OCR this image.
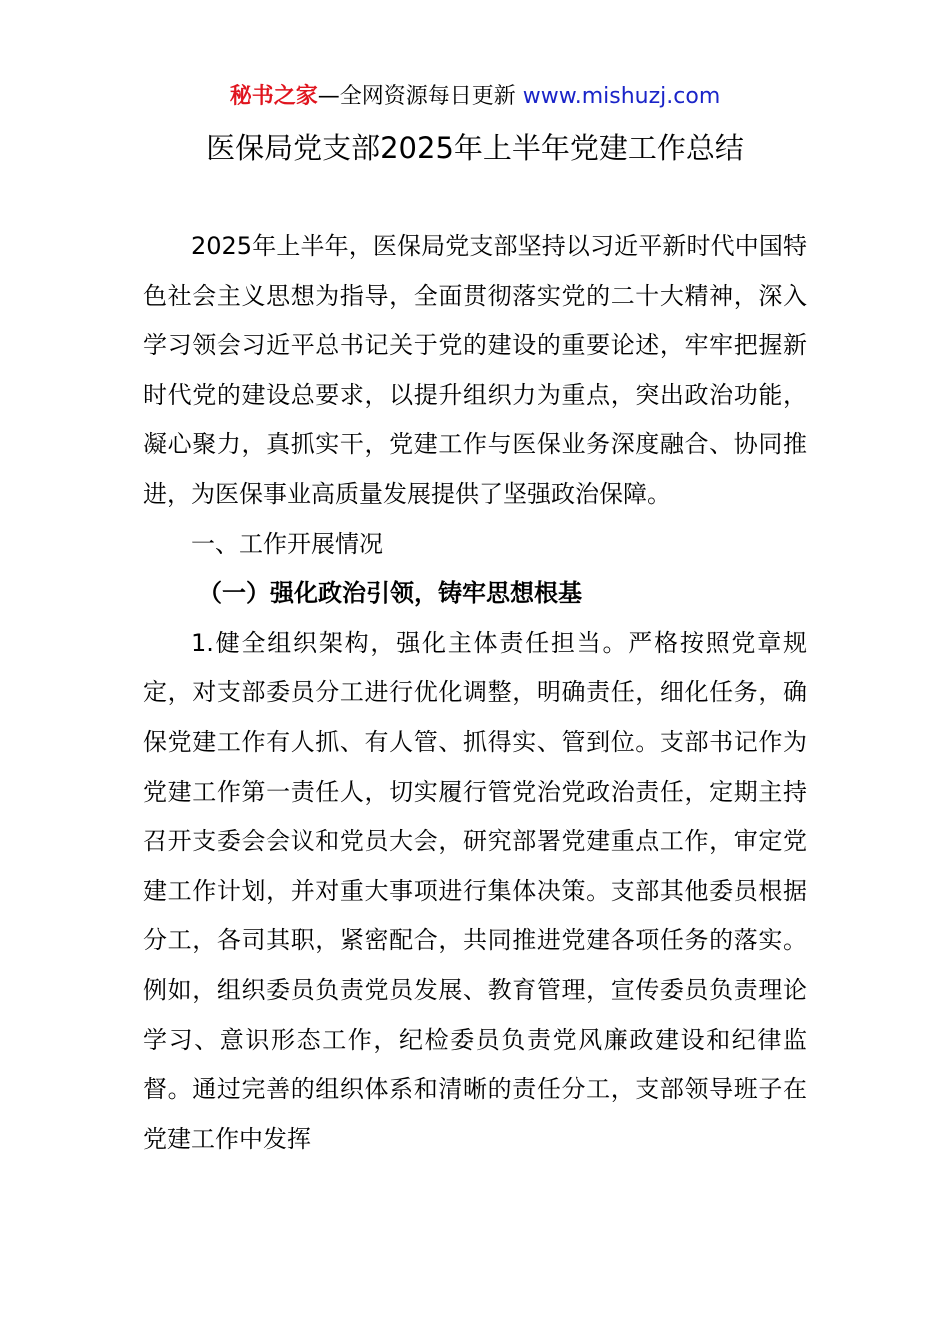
秘书之家—全网资源每日更新 www.mishuzj.com
医保局党支部2025年上半年党建工作总结

2025年上半年，医保局党支部坚持以习近平新时代中国特色社会主义思想为指导，全面贯彻落实党的二十大精神，深入学习领会习近平总书记关于党的建设的重要论述，牢牢把握新时代党的建设总要求，以提升组织力为重点，突出政治功能，凝心聚力，真抓实干，党建工作与医保业务深度融合、协同推进，为医保事业高质量发展提供了坚强政治保障。

一、工作开展情况

（一）强化政治引领，铸牢思想根基

1.健全组织架构，强化主体责任担当。严格按照党章规定，对支部委员分工进行优化调整，明确责任，细化任务，确保党建工作有人抓、有人管、抓得实、管到位。支部书记作为党建工作第一责任人，切实履行管党治党政治责任，定期主持召开支委会会议和党员大会，研究部署党建重点工作，审定党建工作计划，并对重大事项进行集体决策。支部其他委员根据分工，各司其职，紧密配合，共同推进党建各项任务的落实。例如，组织委员负责党员发展、教育管理，宣传委员负责理论学习、意识形态工作，纪检委员负责党风廉政建设和纪律监督。通过完善的组织体系和清晰的责任分工，支部领导班子在党建工作中发挥
